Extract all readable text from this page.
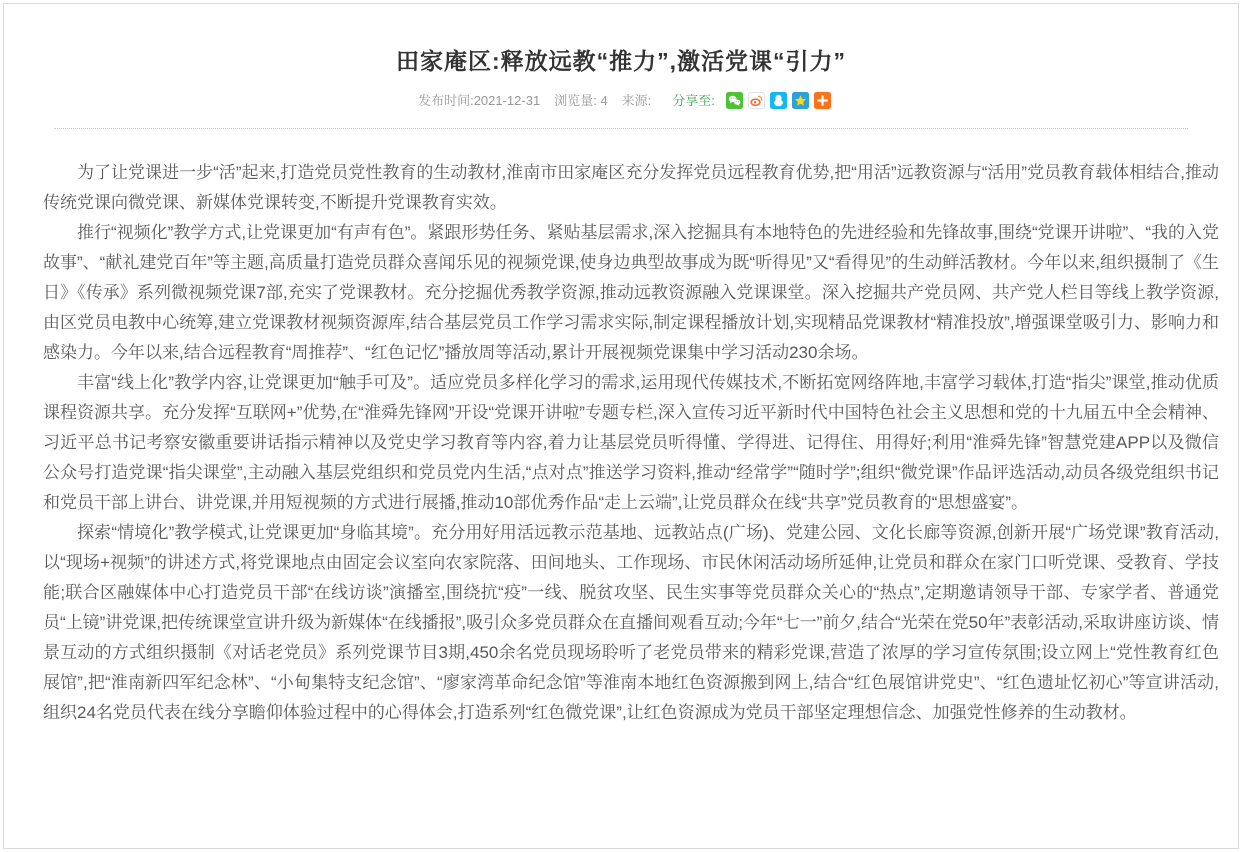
田家庵区:释放远教“推力”,激活党课“引力”
发布时间:2021-12-31 浏览量: 4 来源: 分享至:

为了让党课进一步“活”起来,打造党员党性教育的生动教材,淮南市田家庵区充分发挥党员远程教育优势,把“用活”远教资源与“活用”党员教育载体相结合,推动传统党课向微党课、新媒体党课转变,不断提升党课教育实效。

推行“视频化”教学方式,让党课更加“有声有色”。紧跟形势任务、紧贴基层需求,深入挖掘具有本地特色的先进经验和先锋故事,围绕“党课开讲啦”、“我的入党故事”、“献礼建党百年”等主题,高质量打造党员群众喜闻乐见的视频党课,使身边典型故事成为既“听得见”又“看得见”的生动鲜活教材。今年以来,组织摄制了《生日》《传承》系列微视频党课7部,充实了党课教材。充分挖掘优秀教学资源,推动远教资源融入党课课堂。深入挖掘共产党员网、共产党人栏目等线上教学资源,由区党员电教中心统筹,建立党课教材视频资源库,结合基层党员工作学习需求实际,制定课程播放计划,实现精品党课教材“精准投放”,增强课堂吸引力、影响力和感染力。今年以来,结合远程教育“周推荐”、“红色记忆”播放周等活动,累计开展视频党课集中学习活动230余场。

丰富“线上化”教学内容,让党课更加“触手可及”。适应党员多样化学习的需求,运用现代传媒技术,不断拓宽网络阵地,丰富学习载体,打造“指尖”课堂,推动优质课程资源共享。充分发挥“互联网+”优势,在“淮舜先锋网”开设“党课开讲啦”专题专栏,深入宣传习近平新时代中国特色社会主义思想和党的十九届五中全会精神、习近平总书记考察安徽重要讲话指示精神以及党史学习教育等内容,着力让基层党员听得懂、学得进、记得住、用得好;利用“淮舜先锋”智慧党建APP以及微信公众号打造党课“指尖课堂”,主动融入基层党组织和党员党内生活,“点对点”推送学习资料,推动“经常学”“随时学”;组织“微党课”作品评选活动,动员各级党组织书记和党员干部上讲台、讲党课,并用短视频的方式进行展播,推动10部优秀作品“走上云端”,让党员群众在线“共享”党员教育的“思想盛宴”。

探索“情境化”教学模式,让党课更加“身临其境”。充分用好用活远教示范基地、远教站点(广场)、党建公园、文化长廊等资源,创新开展“广场党课”教育活动,以“现场+视频”的讲述方式,将党课地点由固定会议室向农家院落、田间地头、工作现场、市民休闲活动场所延伸,让党员和群众在家门口听党课、受教育、学技能;联合区融媒体中心打造党员干部“在线访谈”演播室,围绕抗“疫”一线、脱贫攻坚、民生实事等党员群众关心的“热点”,定期邀请领导干部、专家学者、普通党员“上镜”讲党课,把传统课堂宣讲升级为新媒体“在线播报”,吸引众多党员群众在直播间观看互动;今年“七一”前夕,结合“光荣在党50年”表彰活动,采取讲座访谈、情景互动的方式组织摄制《对话老党员》系列党课节目3期,450余名党员现场聆听了老党员带来的精彩党课,营造了浓厚的学习宣传氛围;设立网上“党性教育红色展馆”,把“淮南新四军纪念林”、“小甸集特支纪念馆”、“廖家湾革命纪念馆”等淮南本地红色资源搬到网上,结合“红色展馆讲党史”、“红色遗址忆初心”等宣讲活动,组织24名党员代表在线分享瞻仰体验过程中的心得体会,打造系列“红色微党课”,让红色资源成为党员干部坚定理想信念、加强党性修养的生动教材。
